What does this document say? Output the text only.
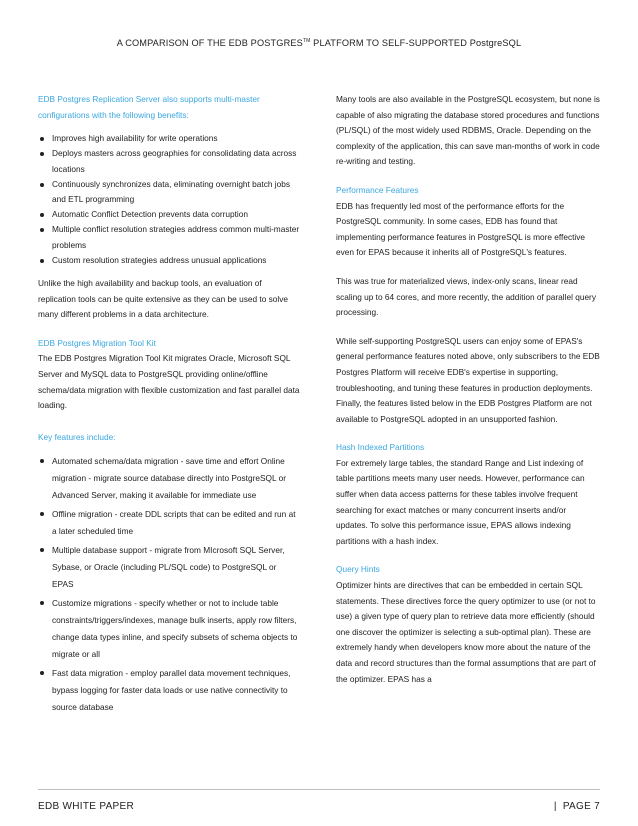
A COMPARISON OF THE EDB POSTGRES™ PLATFORM TO SELF-SUPPORTED PostgreSQL

EDB Postgres Replication Server also supports multi-master configurations with the following benefits:

Improves high availability for write operations
Deploys masters across geographies for consolidating data across locations
Continuously synchronizes data, eliminating overnight batch jobs and ETL programming
Automatic Conflict Detection prevents data corruption
Multiple conflict resolution strategies address common multi-master problems
Custom resolution strategies address unusual applications

Unlike the high availability and backup tools, an evaluation of replication tools can be quite extensive as they can be used to solve many different problems in a data architecture.

EDB Postgres Migration Tool Kit

The EDB Postgres Migration Tool Kit migrates Oracle, Microsoft SQL Server and MySQL data to PostgreSQL providing online/offline schema/data migration with flexible customization and fast parallel data loading.

Key features include:

Automated schema/data migration - save time and effort Online migration - migrate source database directly into PostgreSQL or Advanced Server, making it available for immediate use
Offline migration - create DDL scripts that can be edited and run at a later scheduled time
Multiple database support - migrate from MIcrosoft SQL Server, Sybase, or Oracle (including PL/SQL code) to PostgreSQL or EPAS
Customize migrations - specify whether or not to include table constraints/triggers/indexes, manage bulk inserts, apply row filters, change data types inline, and specify subsets of schema objects to migrate or all
Fast data migration - employ parallel data movement techniques, bypass logging for faster data loads or use native connectivity to source database

Many tools are also available in the PostgreSQL ecosystem, but none is capable of also migrating the database stored procedures and functions (PL/SQL) of the most widely used RDBMS, Oracle. Depending on the complexity of the application, this can save man-months of work in code re-writing and testing.

Performance Features

EDB has frequently led most of the performance efforts for the PostgreSQL community. In some cases, EDB has found that implementing performance features in PostgreSQL is more effective even for EPAS because it inherits all of PostgreSQL's features.

This was true for materialized views, index-only scans, linear read scaling up to 64 cores, and more recently, the addition of parallel query processing.

While self-supporting PostgreSQL users can enjoy some of EPAS's general performance features noted above, only subscribers to the EDB Postgres Platform will receive EDB's expertise in supporting, troubleshooting, and tuning these features in production deployments. Finally, the features listed below in the EDB Postgres Platform are not available to PostgreSQL adopted in an unsupported fashion.

Hash Indexed Partitions

For extremely large tables, the standard Range and List indexing of table partitions meets many user needs. However, performance can suffer when data access patterns for these tables involve frequent searching for exact matches or many concurrent inserts and/or updates. To solve this performance issue, EPAS allows indexing partitions with a hash index.

Query Hints

Optimizer hints are directives that can be embedded in certain SQL statements. These directives force the query optimizer to use (or not to use) a given type of query plan to retrieve data more efficiently (should one discover the optimizer is selecting a sub-optimal plan). These are extremely handy when developers know more about the nature of the data and record structures than the formal assumptions that are part of the optimizer. EPAS has a

EDB WHITE PAPER	| PAGE 7
